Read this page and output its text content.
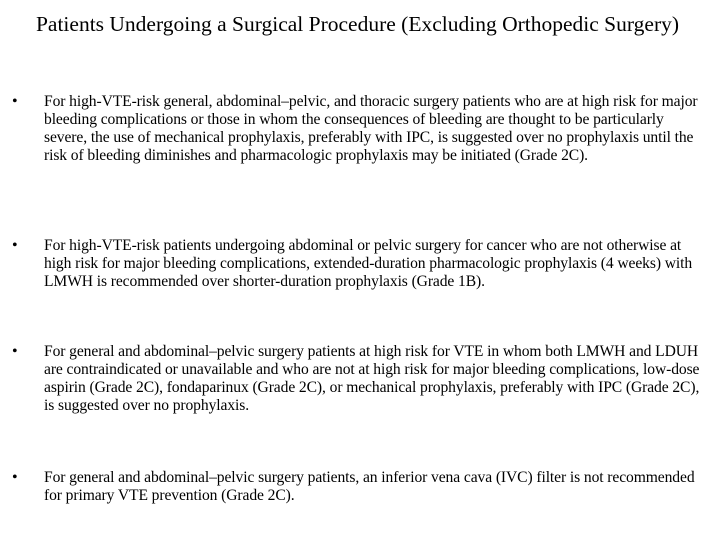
Patients Undergoing a Surgical Procedure (Excluding Orthopedic Surgery)
• For high-VTE-risk general, abdominal–pelvic, and thoracic surgery patients who are at high risk for major bleeding complications or those in whom the consequences of bleeding are thought to be particularly severe, the use of mechanical prophylaxis, preferably with IPC, is suggested over no prophylaxis until the risk of bleeding diminishes and pharmacologic prophylaxis may be initiated (Grade 2C).
• For high-VTE-risk patients undergoing abdominal or pelvic surgery for cancer who are not otherwise at high risk for major bleeding complications, extended-duration pharmacologic prophylaxis (4 weeks) with LMWH is recommended over shorter-duration prophylaxis (Grade 1B).
• For general and abdominal–pelvic surgery patients at high risk for VTE in whom both LMWH and LDUH are contraindicated or unavailable and who are not at high risk for major bleeding complications, low-dose aspirin (Grade 2C), fondaparinux (Grade 2C), or mechanical prophylaxis, preferably with IPC (Grade 2C), is suggested over no prophylaxis.
• For general and abdominal–pelvic surgery patients, an inferior vena cava (IVC) filter is not recommended for primary VTE prevention (Grade 2C).
